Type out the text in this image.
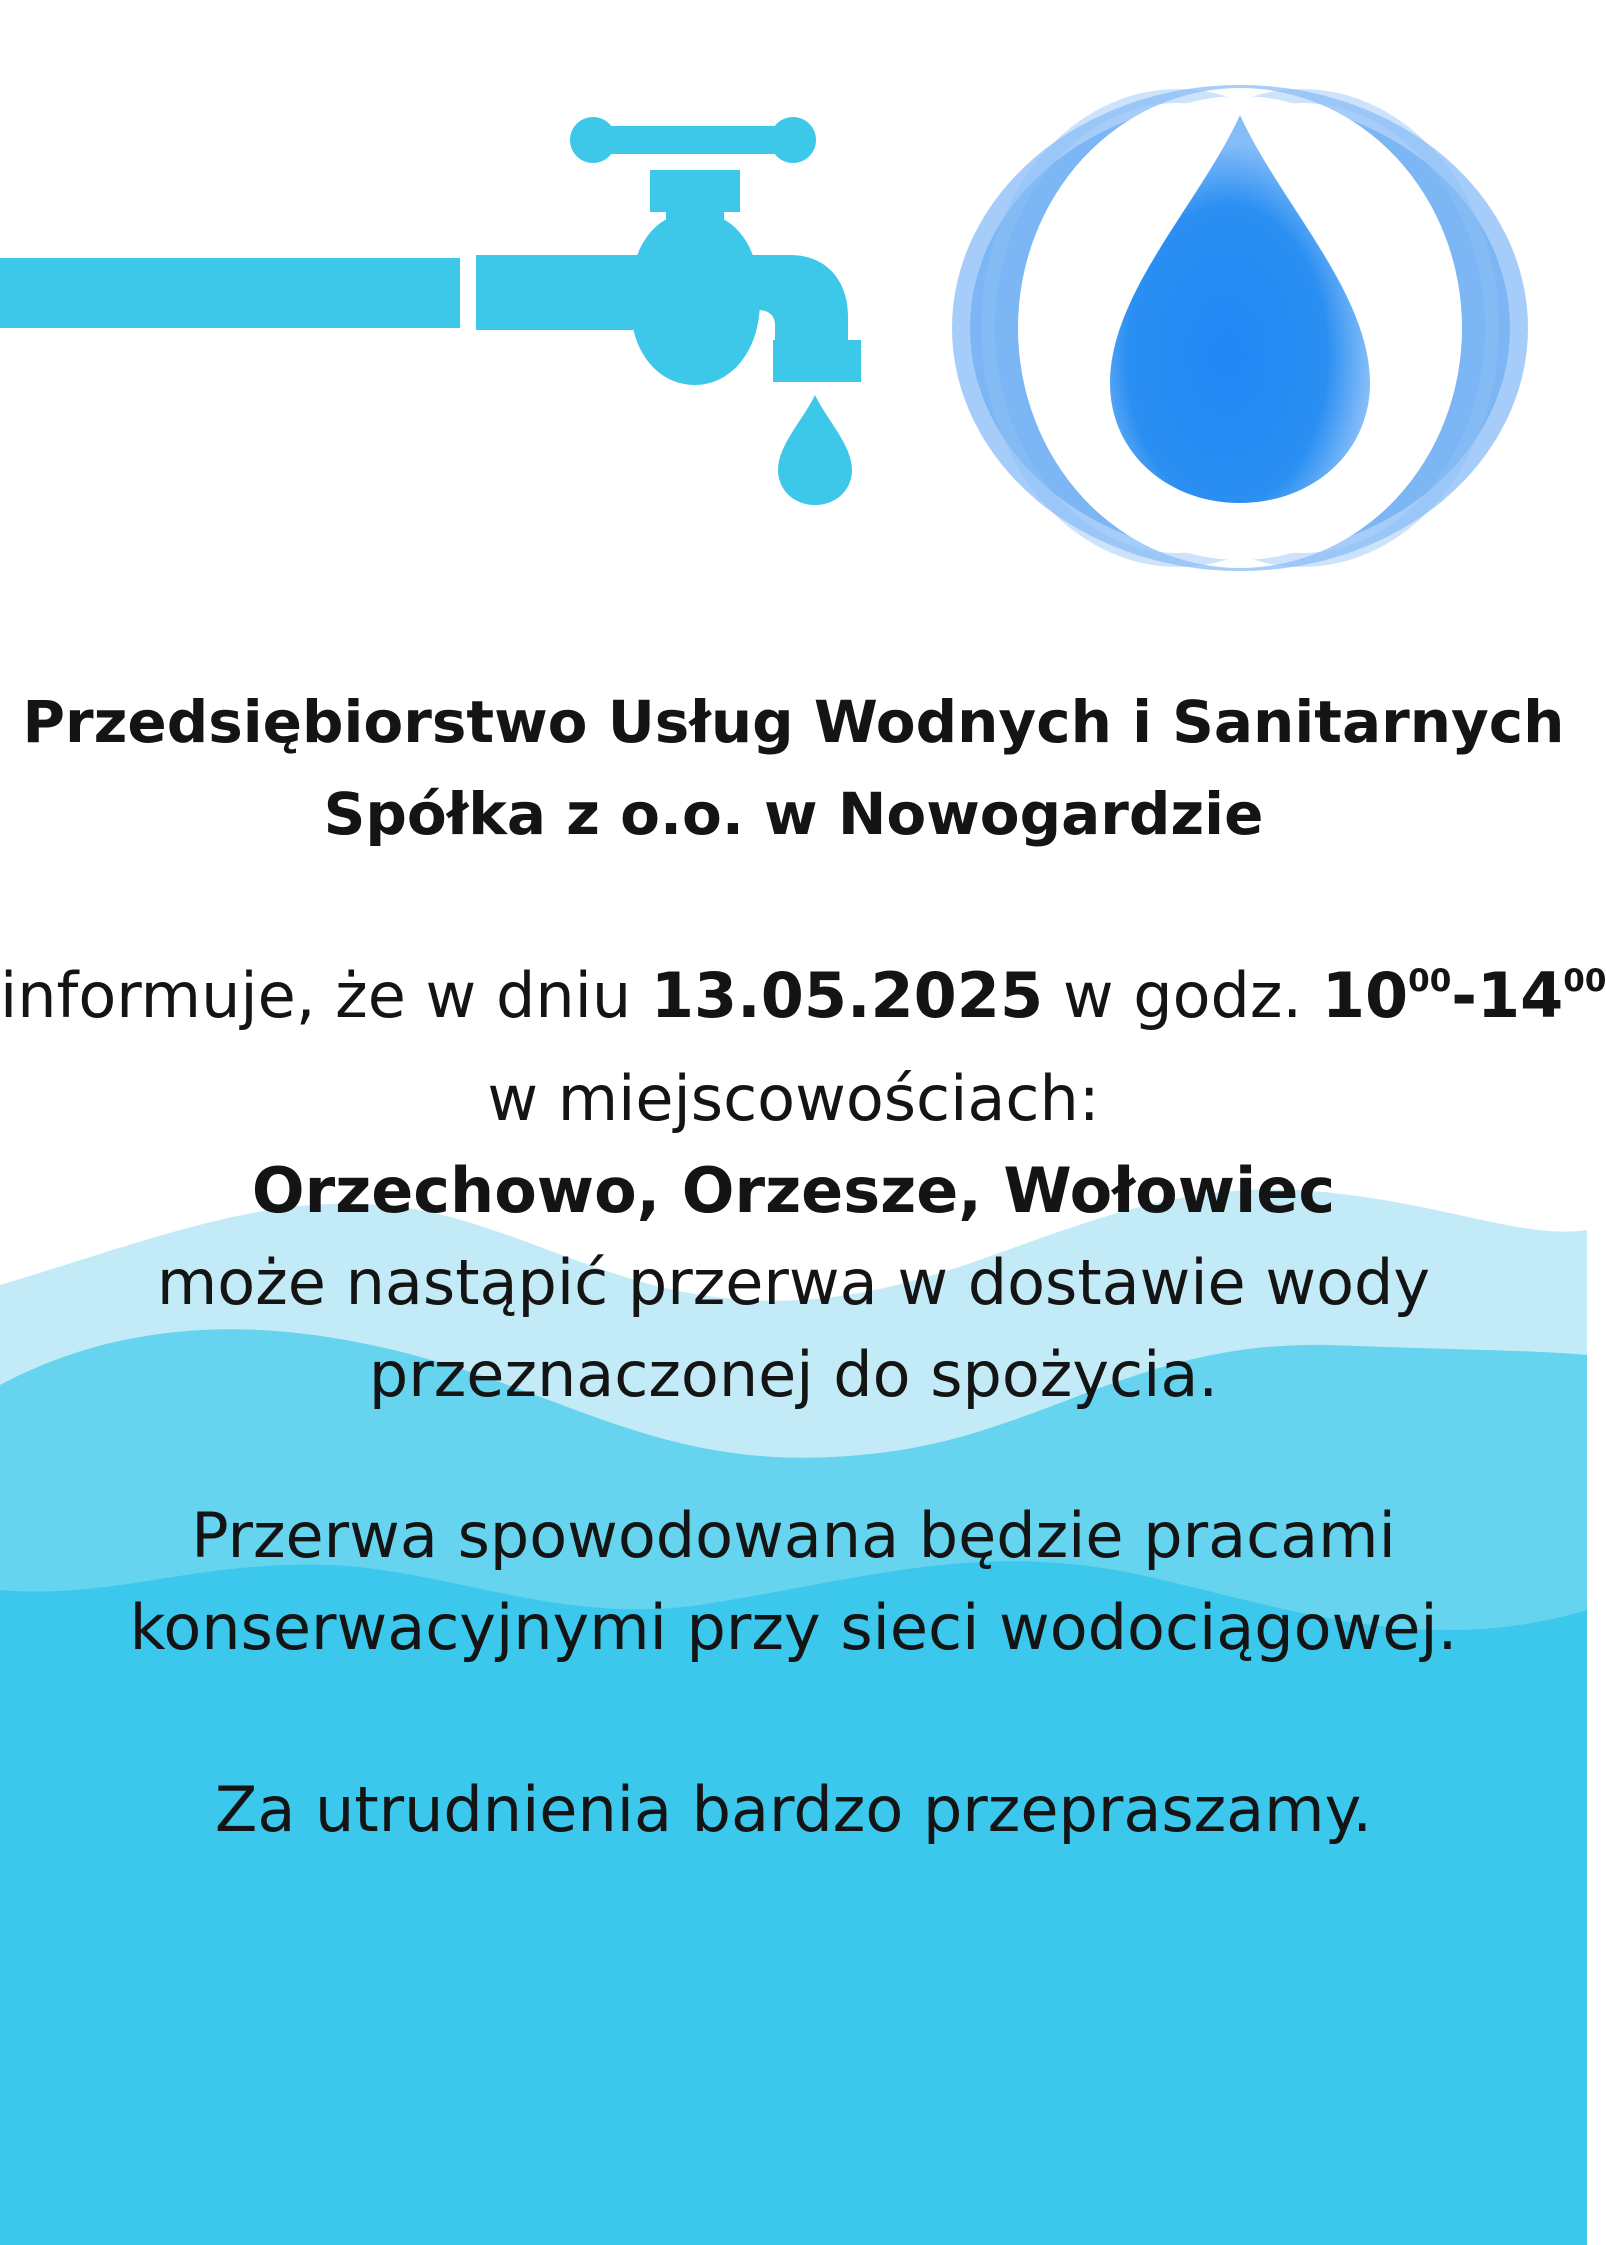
Przedsiębiorstwo Usług Wodnych i Sanitarnych
Spółka z o.o. w Nowogardzie
informuje, że w dniu 13.05.2025 w godz. $10^{00}-14^{00}$
w miejscowościach:
Orzechowo, Orzesze, Wołowiec
może nastąpić przerwa w dostawie wody
przeznaczonej do spożycia.
Przerwa spowodowana będzie pracami
konserwacyjnymi przy sieci wodociągowej.
Za utrudnienia bardzo przepraszamy.
